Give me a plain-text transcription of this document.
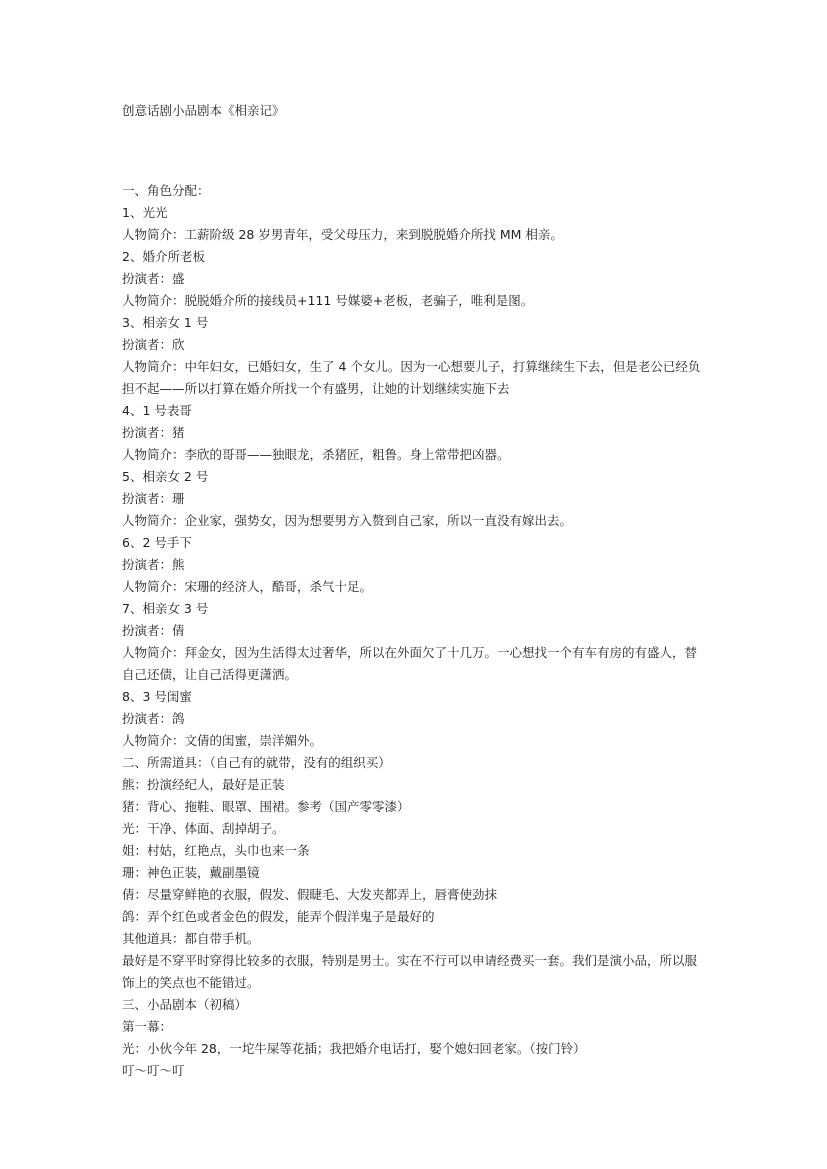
创意话剧小品剧本《相亲记》
一、角色分配：
1、光光
人物简介：工薪阶级 28 岁男青年，受父母压力，来到脱脱婚介所找 MM 相亲。
2、婚介所老板
扮演者：盛
人物简介：脱脱婚介所的接线员+111 号媒婆+老板，老骗子，唯利是图。
3、相亲女 1 号
扮演者：欣
人物简介：中年妇女，已婚妇女，生了 4 个女儿。因为一心想要儿子，打算继续生下去，但是老公已经负
担不起——所以打算在婚介所找一个有盛男，让她的计划继续实施下去
4、1 号表哥
扮演者：猪
人物简介：李欣的哥哥——独眼龙，杀猪匠，粗鲁。身上常带把凶器。
5、相亲女 2 号
扮演者：珊
人物简介：企业家，强势女，因为想要男方入赘到自己家，所以一直没有嫁出去。
6、2 号手下
扮演者：熊
人物简介：宋珊的经济人，酷哥，杀气十足。
7、相亲女 3 号
扮演者：倩
人物简介：拜金女，因为生活得太过奢华，所以在外面欠了十几万。一心想找一个有车有房的有盛人，替
自己还债，让自己活得更潇洒。
8、3 号闺蜜
扮演者：鸽
人物简介：文倩的闺蜜，崇洋媚外。
二、所需道具：（自己有的就带，没有的组织买）
熊：扮演经纪人，最好是正装
猪：背心、拖鞋、眼罩、围裙。参考（国产零零漆）
光：干净、体面、刮掉胡子。
姐：村姑，红艳点，头巾也来一条
珊：神色正装，戴副墨镜
倩：尽量穿鲜艳的衣服，假发、假睫毛、大发夹都弄上，唇膏使劲抹
鸽：弄个红色或者金色的假发，能弄个假洋鬼子是最好的
其他道具：都自带手机。
最好是不穿平时穿得比较多的衣服，特别是男士。实在不行可以申请经费买一套。我们是演小品，所以服
饰上的笑点也不能错过。
三、小品剧本（初稿）
第一幕：
光：小伙今年 28，一坨牛屎等花插；我把婚介电话打，娶个媳妇回老家。（按门铃）
叮～叮～叮
